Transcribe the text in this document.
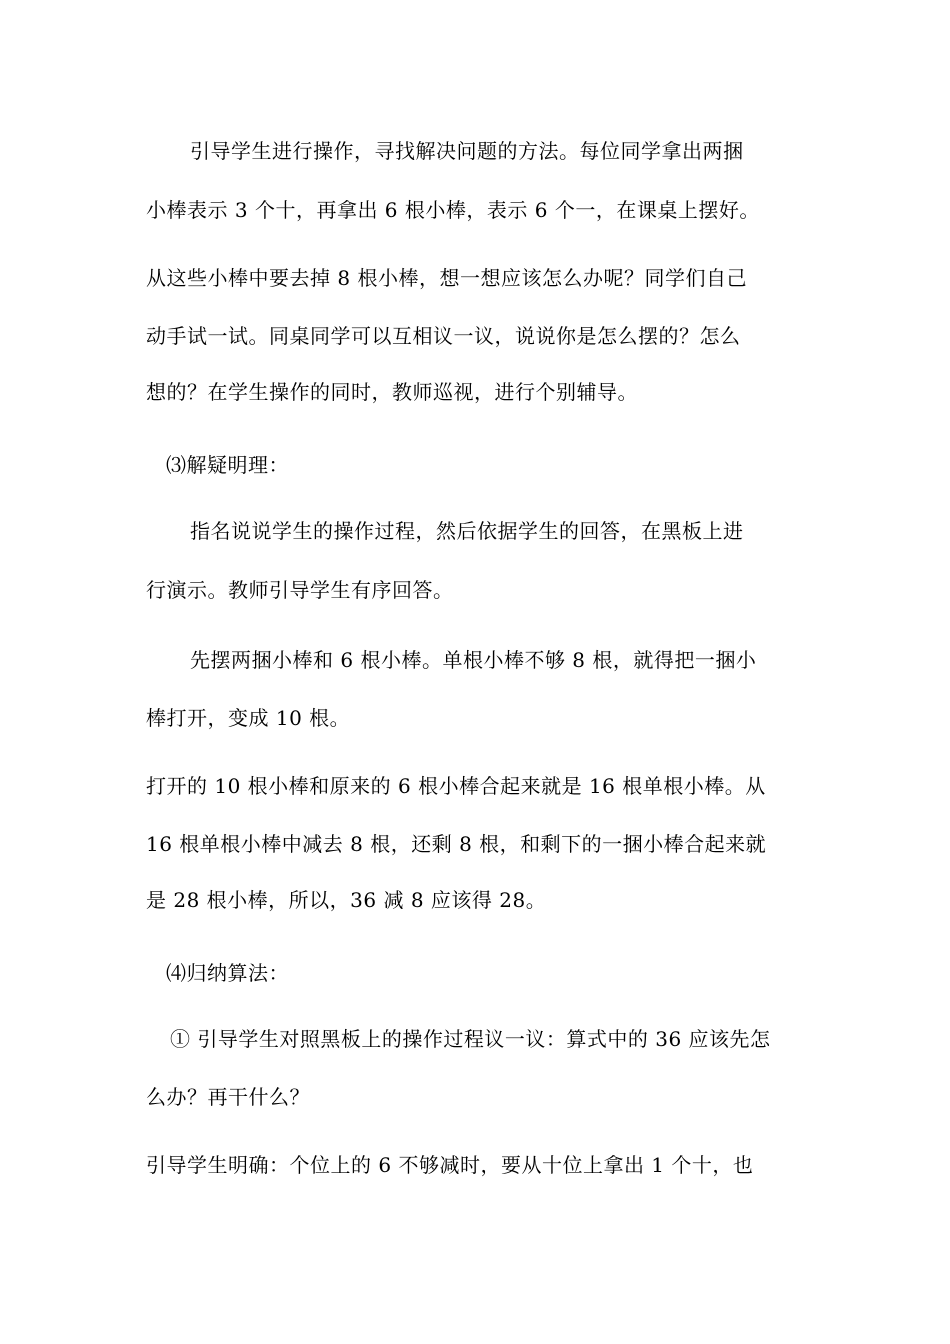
引导学生进行操作，寻找解决问题的方法。每位同学拿出两捆
小棒表示 3 个十，再拿出 6 根小棒，表示 6 个一，在课桌上摆好。
从这些小棒中要去掉 8 根小棒，想一想应该怎么办呢？同学们自己
动手试一试。同桌同学可以互相议一议，说说你是怎么摆的？怎么
想的？在学生操作的同时，教师巡视，进行个别辅导。
⑶解疑明理：
指名说说学生的操作过程，然后依据学生的回答，在黑板上进
行演示。教师引导学生有序回答。
先摆两捆小棒和 6 根小棒。单根小棒不够 8 根，就得把一捆小
棒打开，变成 10 根。
打开的 10 根小棒和原来的 6 根小棒合起来就是 16 根单根小棒。从
16 根单根小棒中减去 8 根，还剩 8 根，和剩下的一捆小棒合起来就
是 28 根小棒，所以，36 减 8 应该得 28。
⑷归纳算法：
① 引导学生对照黑板上的操作过程议一议：算式中的 36 应该先怎
么办？再干什么？
引导学生明确：个位上的 6 不够减时，要从十位上拿出 1 个十，也
